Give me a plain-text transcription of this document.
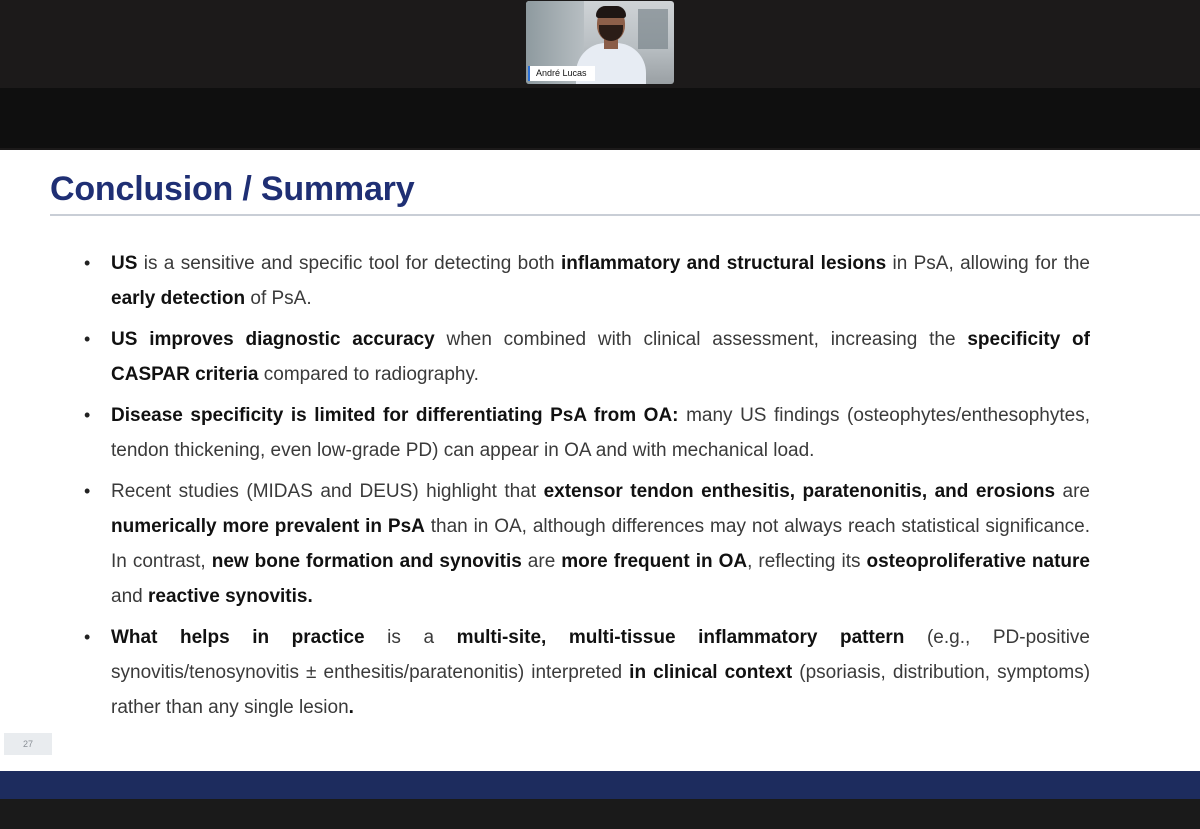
André Lucas
Conclusion / Summary
• US is a sensitive and specific tool for detecting both inflammatory and structural lesions in PsA, allowing for the early detection of PsA.
• US improves diagnostic accuracy when combined with clinical assessment, increasing the specificity of CASPAR criteria compared to radiography.
• Disease specificity is limited for differentiating PsA from OA: many US findings (osteophytes/enthesophytes, tendon thickening, even low-grade PD) can appear in OA and with mechanical load.
• Recent studies (MIDAS and DEUS) highlight that extensor tendon enthesitis, paratenonitis, and erosions are numerically more prevalent in PsA than in OA, although differences may not always reach statistical significance. In contrast, new bone formation and synovitis are more frequent in OA, reflecting its osteoproliferative nature and reactive synovitis.
• What helps in practice is a multi-site, multi-tissue inflammatory pattern (e.g., PD-positive synovitis/tenosynovitis ± enthesitis/paratenonitis) interpreted in clinical context (psoriasis, distribution, symptoms) rather than any single lesion.
27
